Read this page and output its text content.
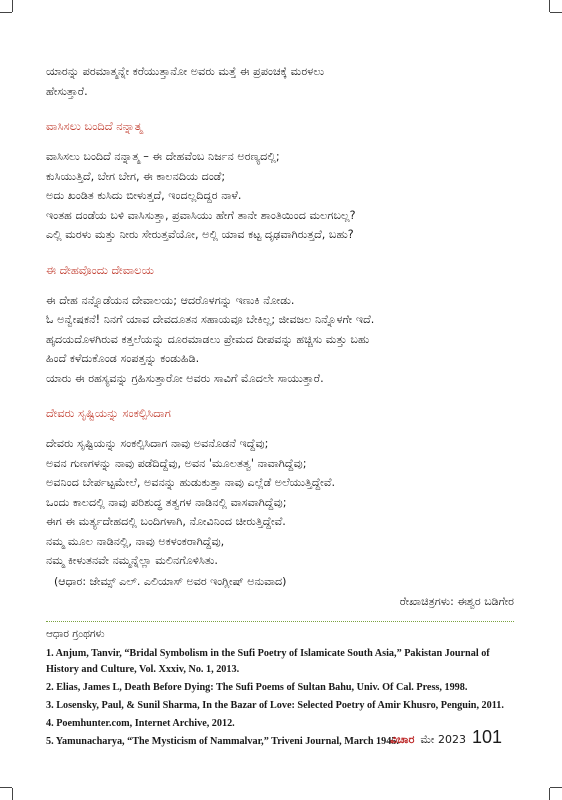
ಯಾರನ್ನು ಪರಮಾತ್ಮನ್ನೇ ಕರೆಯುತ್ತಾನೋ ಅವರು ಮತ್ತೆ ಈ ಪ್ರಪಂಚಕ್ಕೆ ಮರಳಲು
ಹೇಸುತ್ತಾರೆ.
ವಾಸಿಸಲು ಬಂದಿದೆ ನನ್ನಾತ್ಮ
ವಾಸಿಸಲು ಬಂದಿದೆ ನನ್ನಾತ್ಮ – ಈ ದೇಹವೆಂಬ ನಿರ್ಜನ ಅರಣ್ಯದಲ್ಲಿ;
ಕುಸಿಯುತ್ತಿದೆ, ಬೇಗ ಬೇಗ, ಈ ಕಾಲನದಿಯ ದಂಡೆ;
ಅದು ಖಂಡಿತ ಕುಸಿದು ಬೀಳುತ್ತದೆ, ಇಂದಲ್ಲದಿದ್ದರ ನಾಳೆ.
ಇಂತಹ ದಂಡೆಯ ಬಳಿ ವಾಸಿಸುತ್ತಾ, ಪ್ರವಾಸಿಯು ಹೇಗೆ ತಾನೇ ಶಾಂತಿಯಿಂದ ಮಲಗಬಲ್ಲ?
ಎಲ್ಲಿ ಮರಳು ಮತ್ತು ನೀರು ಸೇರುತ್ತವೆಯೋ, ಅಲ್ಲಿ ಯಾವ ಕಟ್ಟ ದೃಢವಾಗಿರುತ್ತದೆ, ಬಹು?
ಈ ದೇಹವೊಂದು ದೇವಾಲಯ
ಈ ದೇಹ ನನ್ನೊಡೆಯನ ದೇವಾಲಯ; ಆದರೊಳಗನ್ನು ಇಣುಕಿ ನೋಡು.
ಓ ಅನ್ವೇಷಕನೆ! ನಿನಗೆ ಯಾವ ದೇವದೂತನ ಸಹಾಯವೂ ಬೇಕಿಲ್ಲ; ಜೀವಜಲ ನಿನ್ನೊಳಗೇ ಇದೆ.
ಹೃದಯದೊಳಗಿರುವ ಕತ್ತಲೆಯನ್ನು ದೂರಮಾಡಲು ಪ್ರೇಮದ ದೀಪವನ್ನು ಹಚ್ಚಿಸು ಮತ್ತು ಬಹು
ಹಿಂದೆ ಕಳೆದುಕೊಂಡ ಸಂಪತ್ತನ್ನು ಕಂಡುಹಿಡಿ.
ಯಾರು ಈ ರಹಸ್ಯವನ್ನು ಗ್ರಹಿಸುತ್ತಾರೋ ಅವರು ಸಾವಿಗೆ ಮೊದಲೇ ಸಾಯುತ್ತಾರೆ.
ದೇವರು ಸೃಷ್ಟಿಯನ್ನು ಸಂಕಲ್ಪಿಸಿದಾಗ
ದೇವರು ಸೃಷ್ಟಿಯನ್ನು ಸಂಕಲ್ಪಿಸಿದಾಗ ನಾವು ಅವನೊಡನೆ ಇದ್ದೆವು;
ಅವನ ಗುಣಗಳನ್ನು ನಾವು ಪಡೆದಿದ್ದೆವು, ಅವನ 'ಮೂಲತತ್ವ' ನಾವಾಗಿದ್ದೆವು;
ಅವನಿಂದ ಬೇರ್ಪಟ್ಟಮೇಲೆ, ಅವನನ್ನು ಹುಡುಕುತ್ತಾ ನಾವು ಎಲ್ಲೆಡೆ ಅಲೆಯುತ್ತಿದ್ದೇವೆ.
ಒಂದು ಕಾಲದಲ್ಲಿ ನಾವು ಪರಿಶುದ್ಧ ತತ್ವಗಳ ನಾಡಿನಲ್ಲಿ ವಾಸವಾಗಿದ್ದೆವು;
ಈಗ ಈ ಮರ್ತ್ಯದೇಹದಲ್ಲಿ ಬಂದಿಗಳಾಗಿ, ನೋವಿನಿಂದ ಚೀರುತ್ತಿದ್ದೇವೆ.
ನಮ್ಮ ಮೂಲ ನಾಡಿನಲ್ಲಿ, ನಾವು ಅಕಳಂಕರಾಗಿದ್ದೆವು,
ನಮ್ಮ ಕೀಳುತನವೇ ನಮ್ಮನ್ನೆಲ್ಲಾ ಮಲಿನಗೊಳಿಸಿತು.
(ಆಧಾರ: ಜೇಮ್ಸ್ ಎಲ್. ಎಲಿಯಾಸ್ ಅವರ ಇಂಗ್ಲೀಷ್ ಅನುವಾದ)
ರೇಖಾಚಿತ್ರಗಳು: ಈಶ್ವರ ಬಡಿಗೇರ
ಆಧಾರ ಗ್ರಂಥಗಳು
1. Anjum, Tanvir, “Bridal Symbolism in the Sufi Poetry of Islamicate South Asia,” Pakistan Journal of History and Culture, Vol. Xxxiv, No. 1, 2013.
2. Elias, James L, Death Before Dying: The Sufi Poems of Sultan Bahu, Univ. Of Cal. Press, 1998.
3. Losensky, Paul, & Sunil Sharma, In the Bazar of Love: Selected Poetry of Amir Khusro, Penguin, 2011.
4. Poemhunter.com, Internet Archive, 2012.
5. Yamunacharya, “The Mysticism of Nammalvar,” Triveni Journal, March 1945.
ವಿಚಾರ ಮೇ 2023 101
